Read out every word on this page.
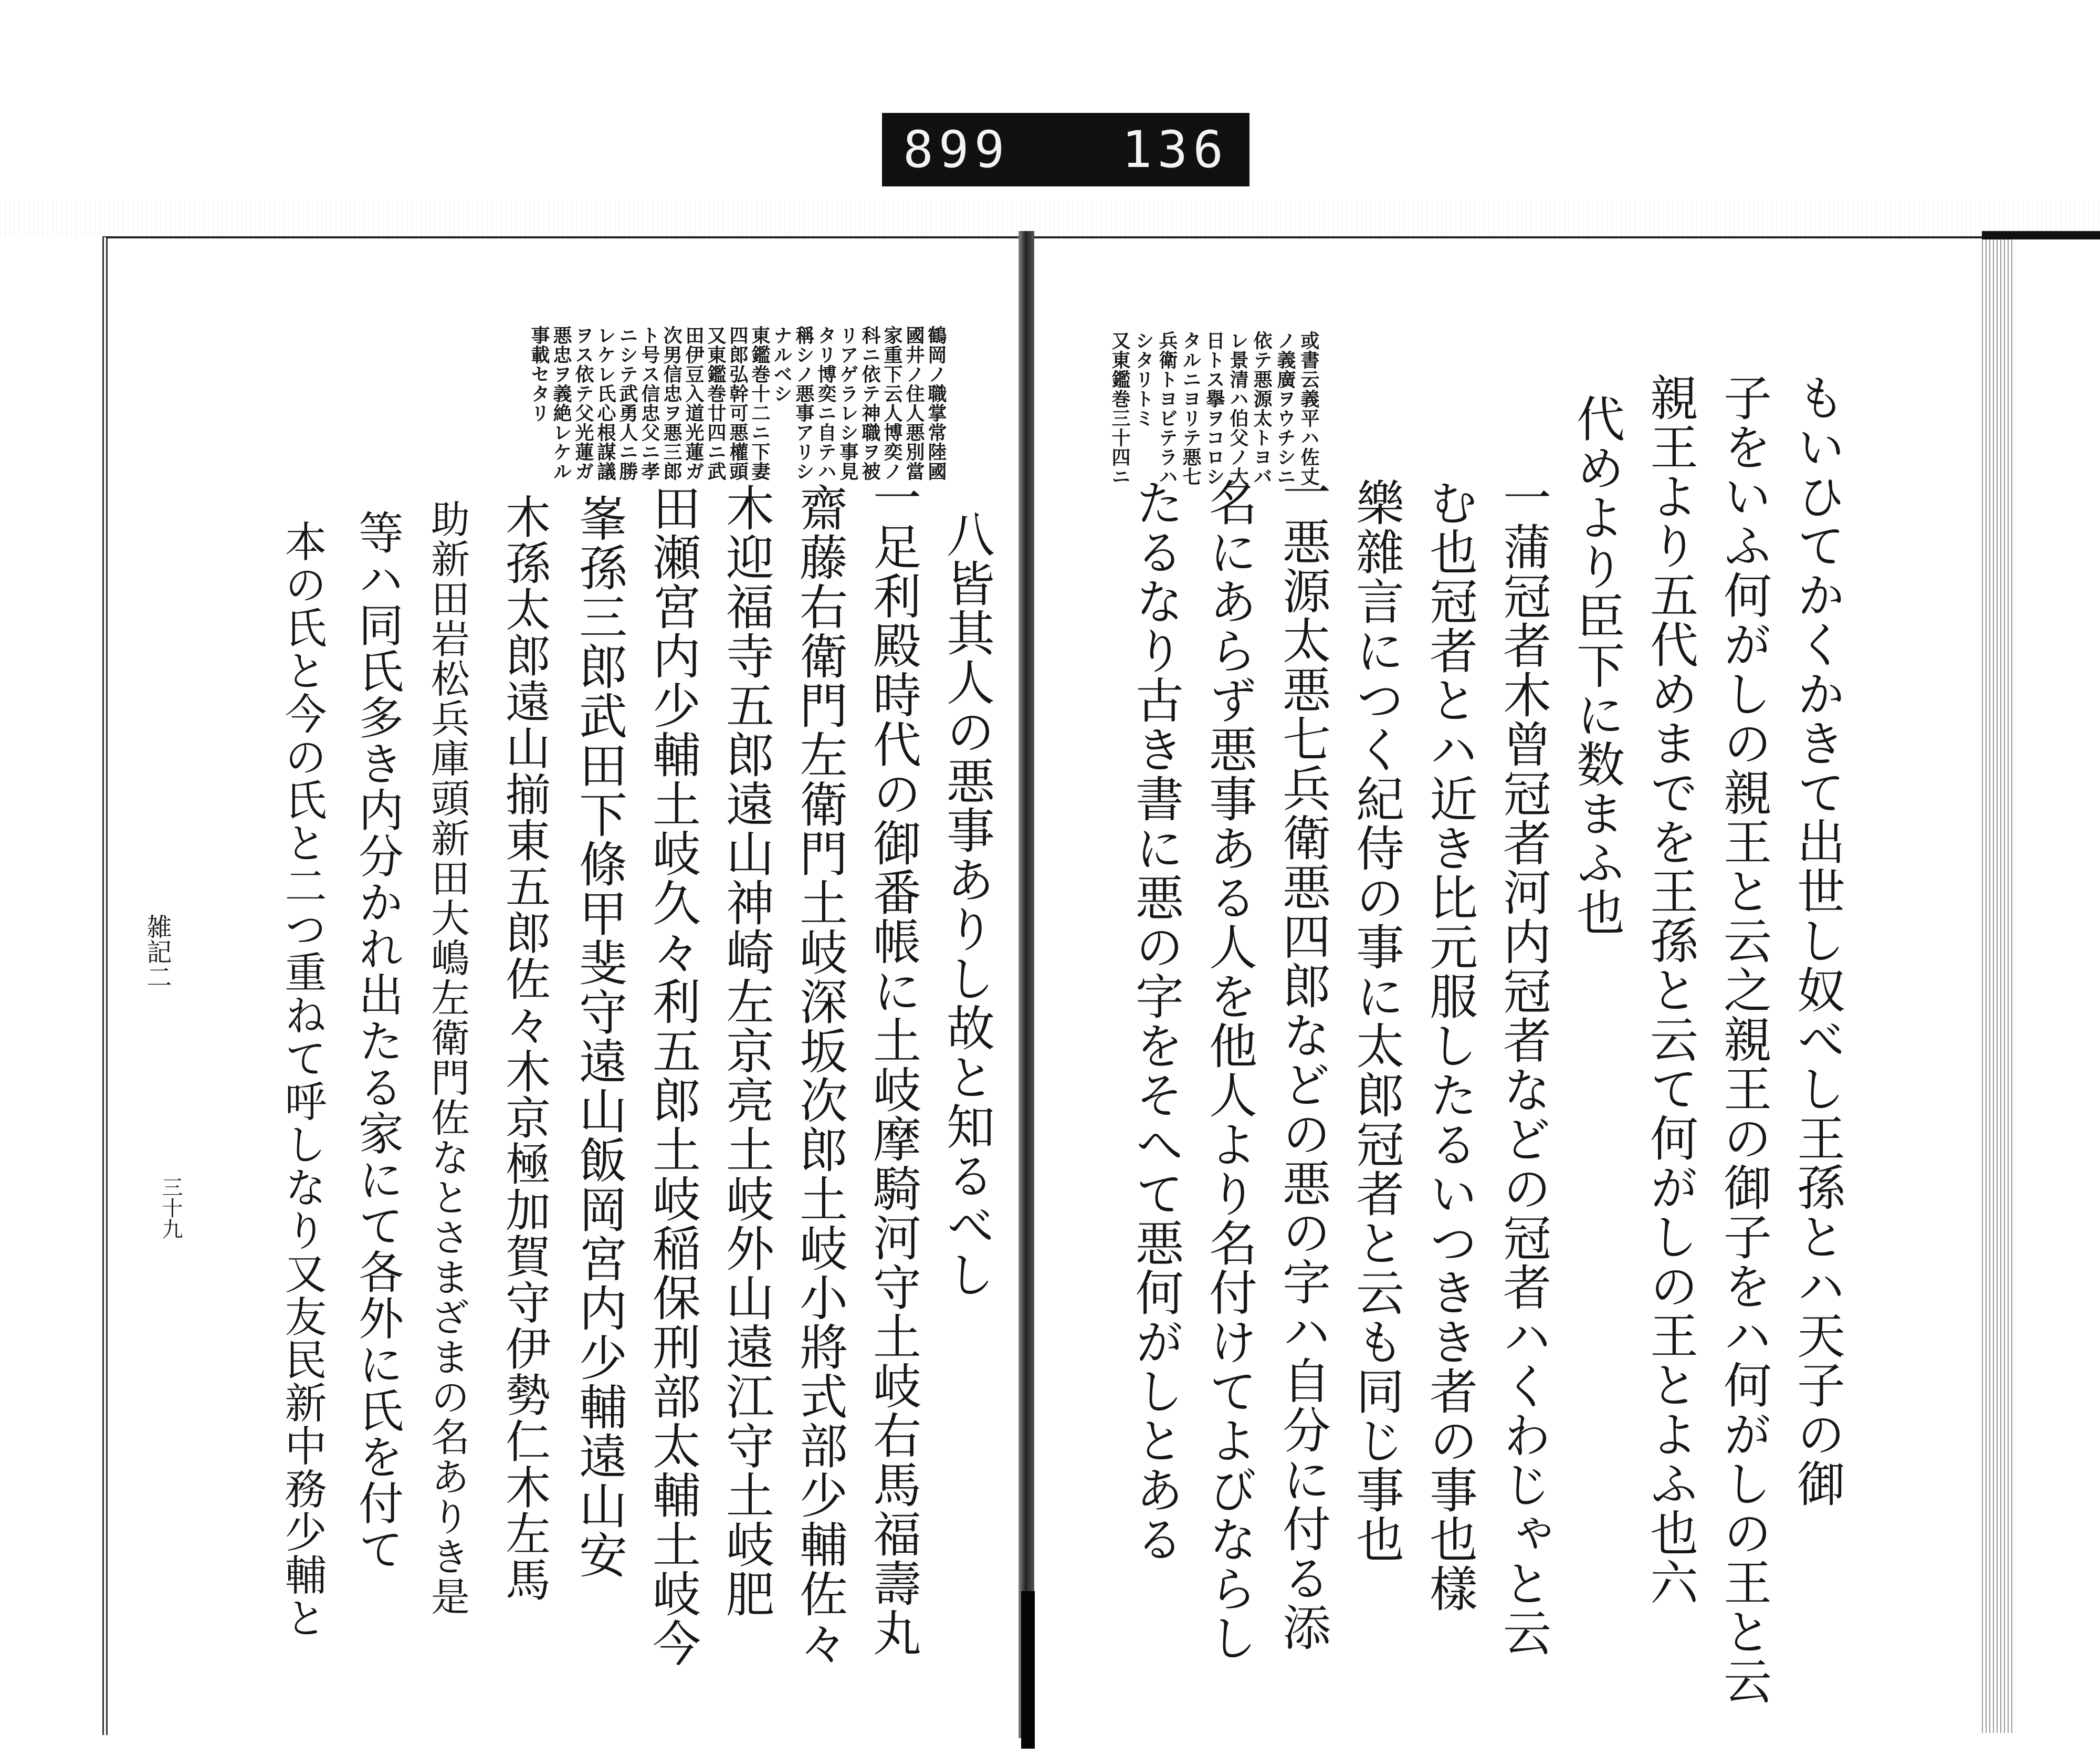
899 136
或書云義平ハ佐丈
ノ義廣ヲウチシニ
依テ悪源太トヨバ
レ景清ハ伯父ノ大
日トス擧ヲコロシ
タルニヨリテ悪七
兵衛トヨビテラハ
シタリトミ
又東鑑巻三十四ニ	もいひてかくかきて出世し奴べし王孫とハ天子の御
子をいふ何がしの親王と云之親王の御子をハ何がしの王と云
親王より五代めまでを王孫と云て何がしの王とよふ也六
代めより臣下に数まふ也
一蒲冠者木曾冠者河内冠者などの冠者ハくわじゃと云
む也冠者とハ近き比元服したるいつきき者の事也樣
樂雜言につく紀侍の事に太郎冠者と云も同じ事也
一悪源太悪七兵衛悪四郎などの悪の字ハ自分に付る添
名にあらず悪事ある人を他人より名付けてよびならし
たるなり古き書に悪の字をそへて悪何がしとある
鶴岡ノ職掌常陸國
國井ノ住人悪別當
家重下云人博奕ノ
科ニ依テ神職ヲ被
リアゲラレシ事見
タリ博奕ニ自テハ
稱シノ悪事アリシ
ナルベシ
東鑑巻十二ニ下妻
四郎弘幹可悪權頭
又東鑑巻廿四ニ武
田伊豆入道光蓮ガ
次男信忠ヲ悪三郎
ト号ス信忠父ニ孝
ニシテ武勇人ニ勝
レケレ氏心根謀議
ヲス依テ父光蓮ガ
悪忠ヲ義絶レケル
事載セタリ
八皆其人の悪事ありし故と知るべし
一足利殿時代の御番帳に土岐摩騎河守土岐右馬福壽丸
齋藤右衛門左衛門土岐深坂次郎土岐小將式部少輔佐々
木迎福寺五郎遠山神崎左京亮土岐外山遠江守土岐肥
田瀬宮内少輔土岐久々利五郎土岐稲保刑部太輔土岐今
峯孫三郎武田下條甲斐守遠山飯岡宮内少輔遠山安
木孫太郎遠山揃東五郎佐々木京極加賀守伊勢仁木左馬
助新田岩松兵庫頭新田大嶋左衛門佐なとさまざまの名ありき是
等ハ同氏多き内分かれ出たる家にて各外に氏を付て
本の氏と今の氏と二つ重ねて呼しなり又友民新中務少輔と
雑記二
三十九
